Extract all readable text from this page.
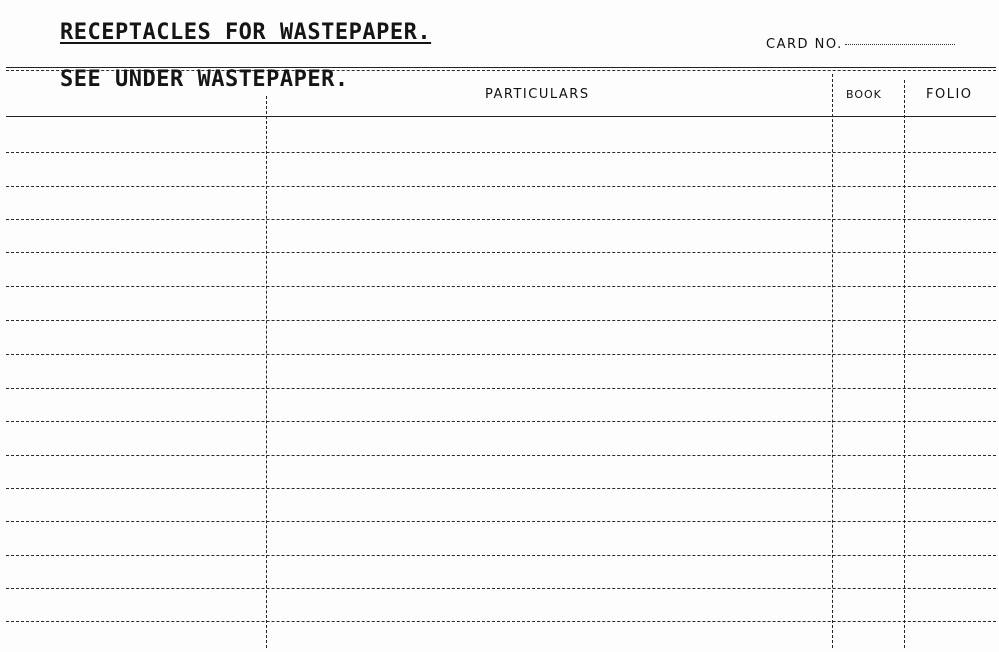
RECEPTACLES FOR WASTEPAPER.	CARD NO.
SEE UNDER WASTEPAPER.
PARTICULARS	BOOK	FOLIO
